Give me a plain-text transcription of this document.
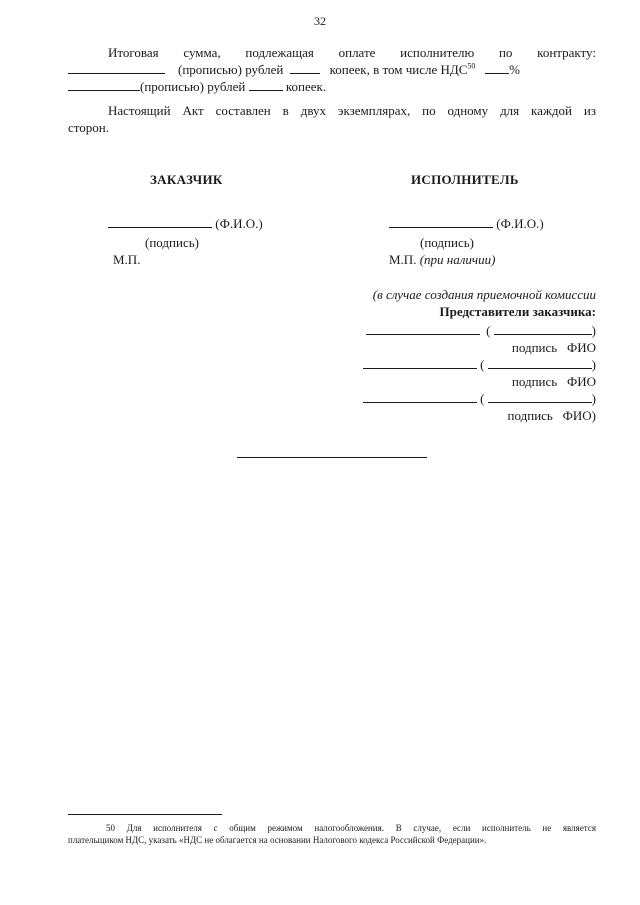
32
Итоговая сумма, подлежащая оплате исполнителю по контракту:
(прописью) рублей	копеек, в том числе НДС$^{50}$	%
(прописью) рублей	копеек.
Настоящий Акт составлен в двух экземплярах, по одному для каждой из
сторон.
ЗАКАЗЧИК	ИСПОЛНИТЕЛЬ
(Ф.И.О.)
(подпись)
М.П.
(Ф.И.О.)
(подпись)
М.П. (при наличии)
(в случае создания приемочной комиссии
Представители заказчика:
(	)
подпись ФИО
(	)
подпись ФИО
(	)
подпись ФИО)
50 Для исполнителя с общим режимом налогообложения. В случае, если исполнитель не является
плательщиком НДС, указать «НДС не облагается на основании Налогового кодекса Российской Федерации».
